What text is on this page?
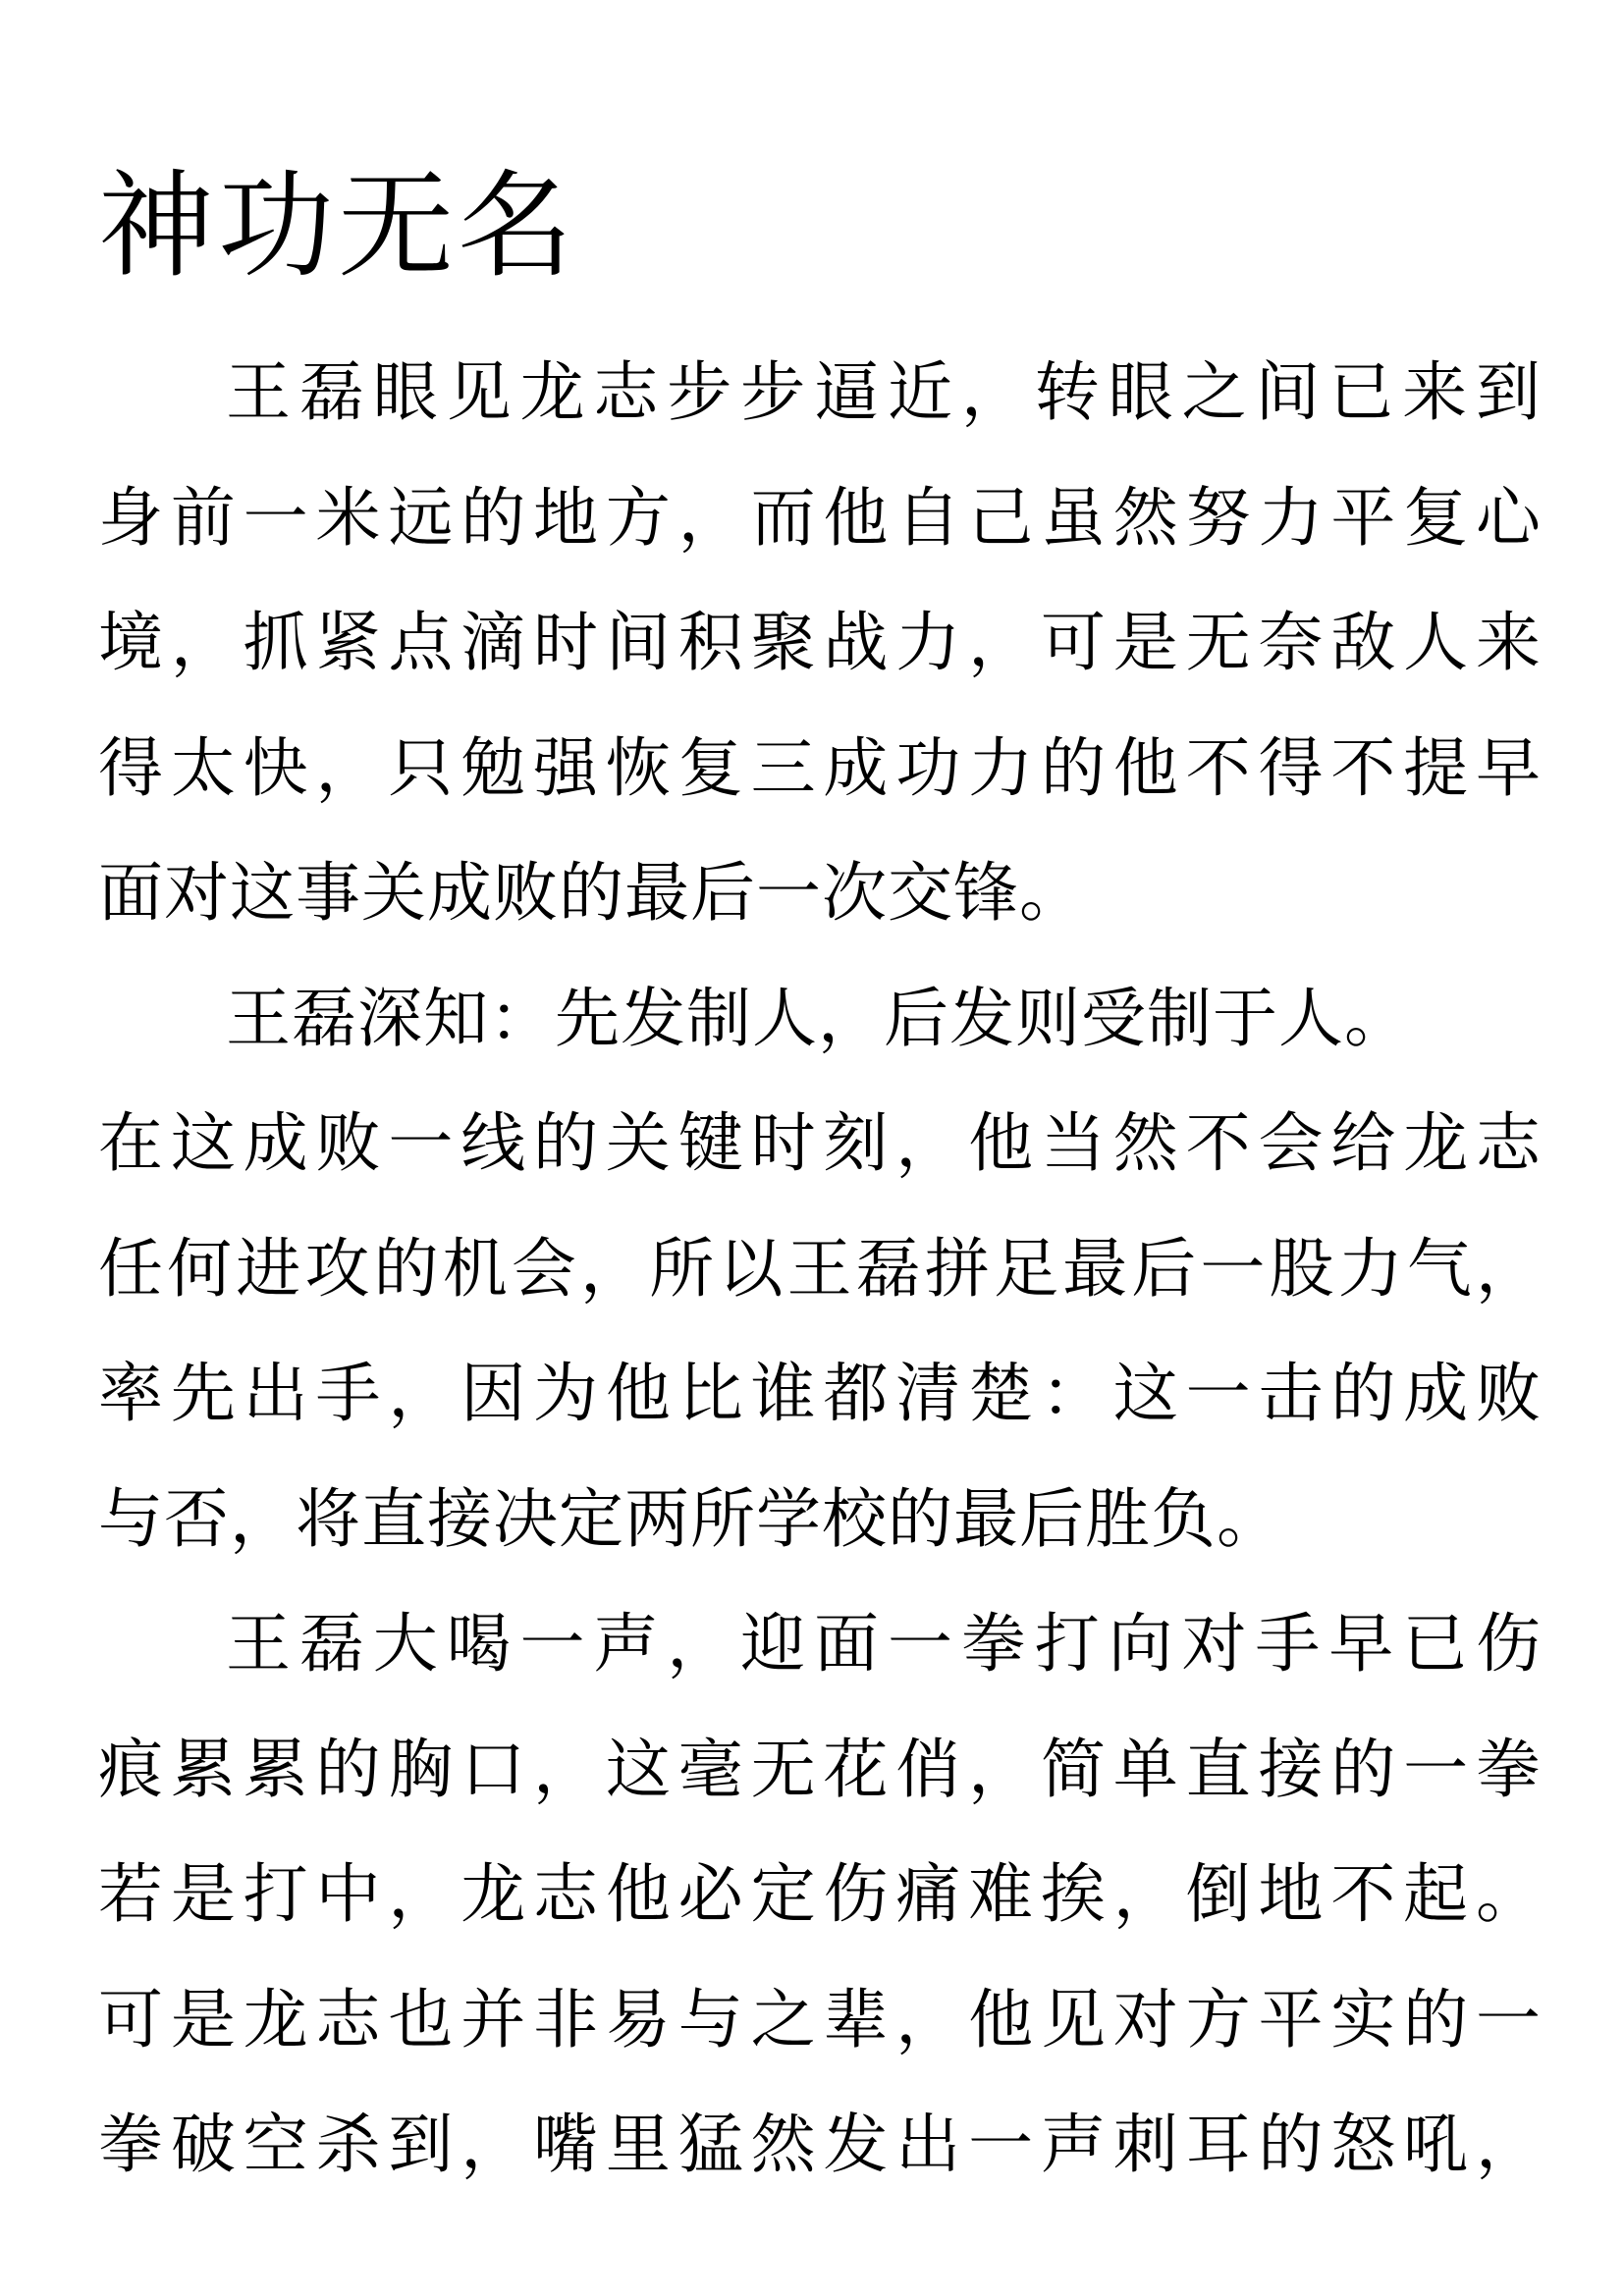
神功无名
王磊眼见龙志步步逼近，转眼之间已来到
身前一米远的地方，而他自己虽然努力平复心
境，抓紧点滴时间积聚战力，可是无奈敌人来
得太快，只勉强恢复三成功力的他不得不提早
面对这事关成败的最后一次交锋。
王磊深知：先发制人，后发则受制于人。
在这成败一线的关键时刻，他当然不会给龙志
任何进攻的机会，所以王磊拼足最后一股力气，
率先出手，因为他比谁都清楚：这一击的成败
与否，将直接决定两所学校的最后胜负。
王磊大喝一声，迎面一拳打向对手早已伤
痕累累的胸口，这毫无花俏，简单直接的一拳
若是打中，龙志他必定伤痛难挨，倒地不起。
可是龙志也并非易与之辈，他见对方平实的一
拳破空杀到，嘴里猛然发出一声刺耳的怒吼，
